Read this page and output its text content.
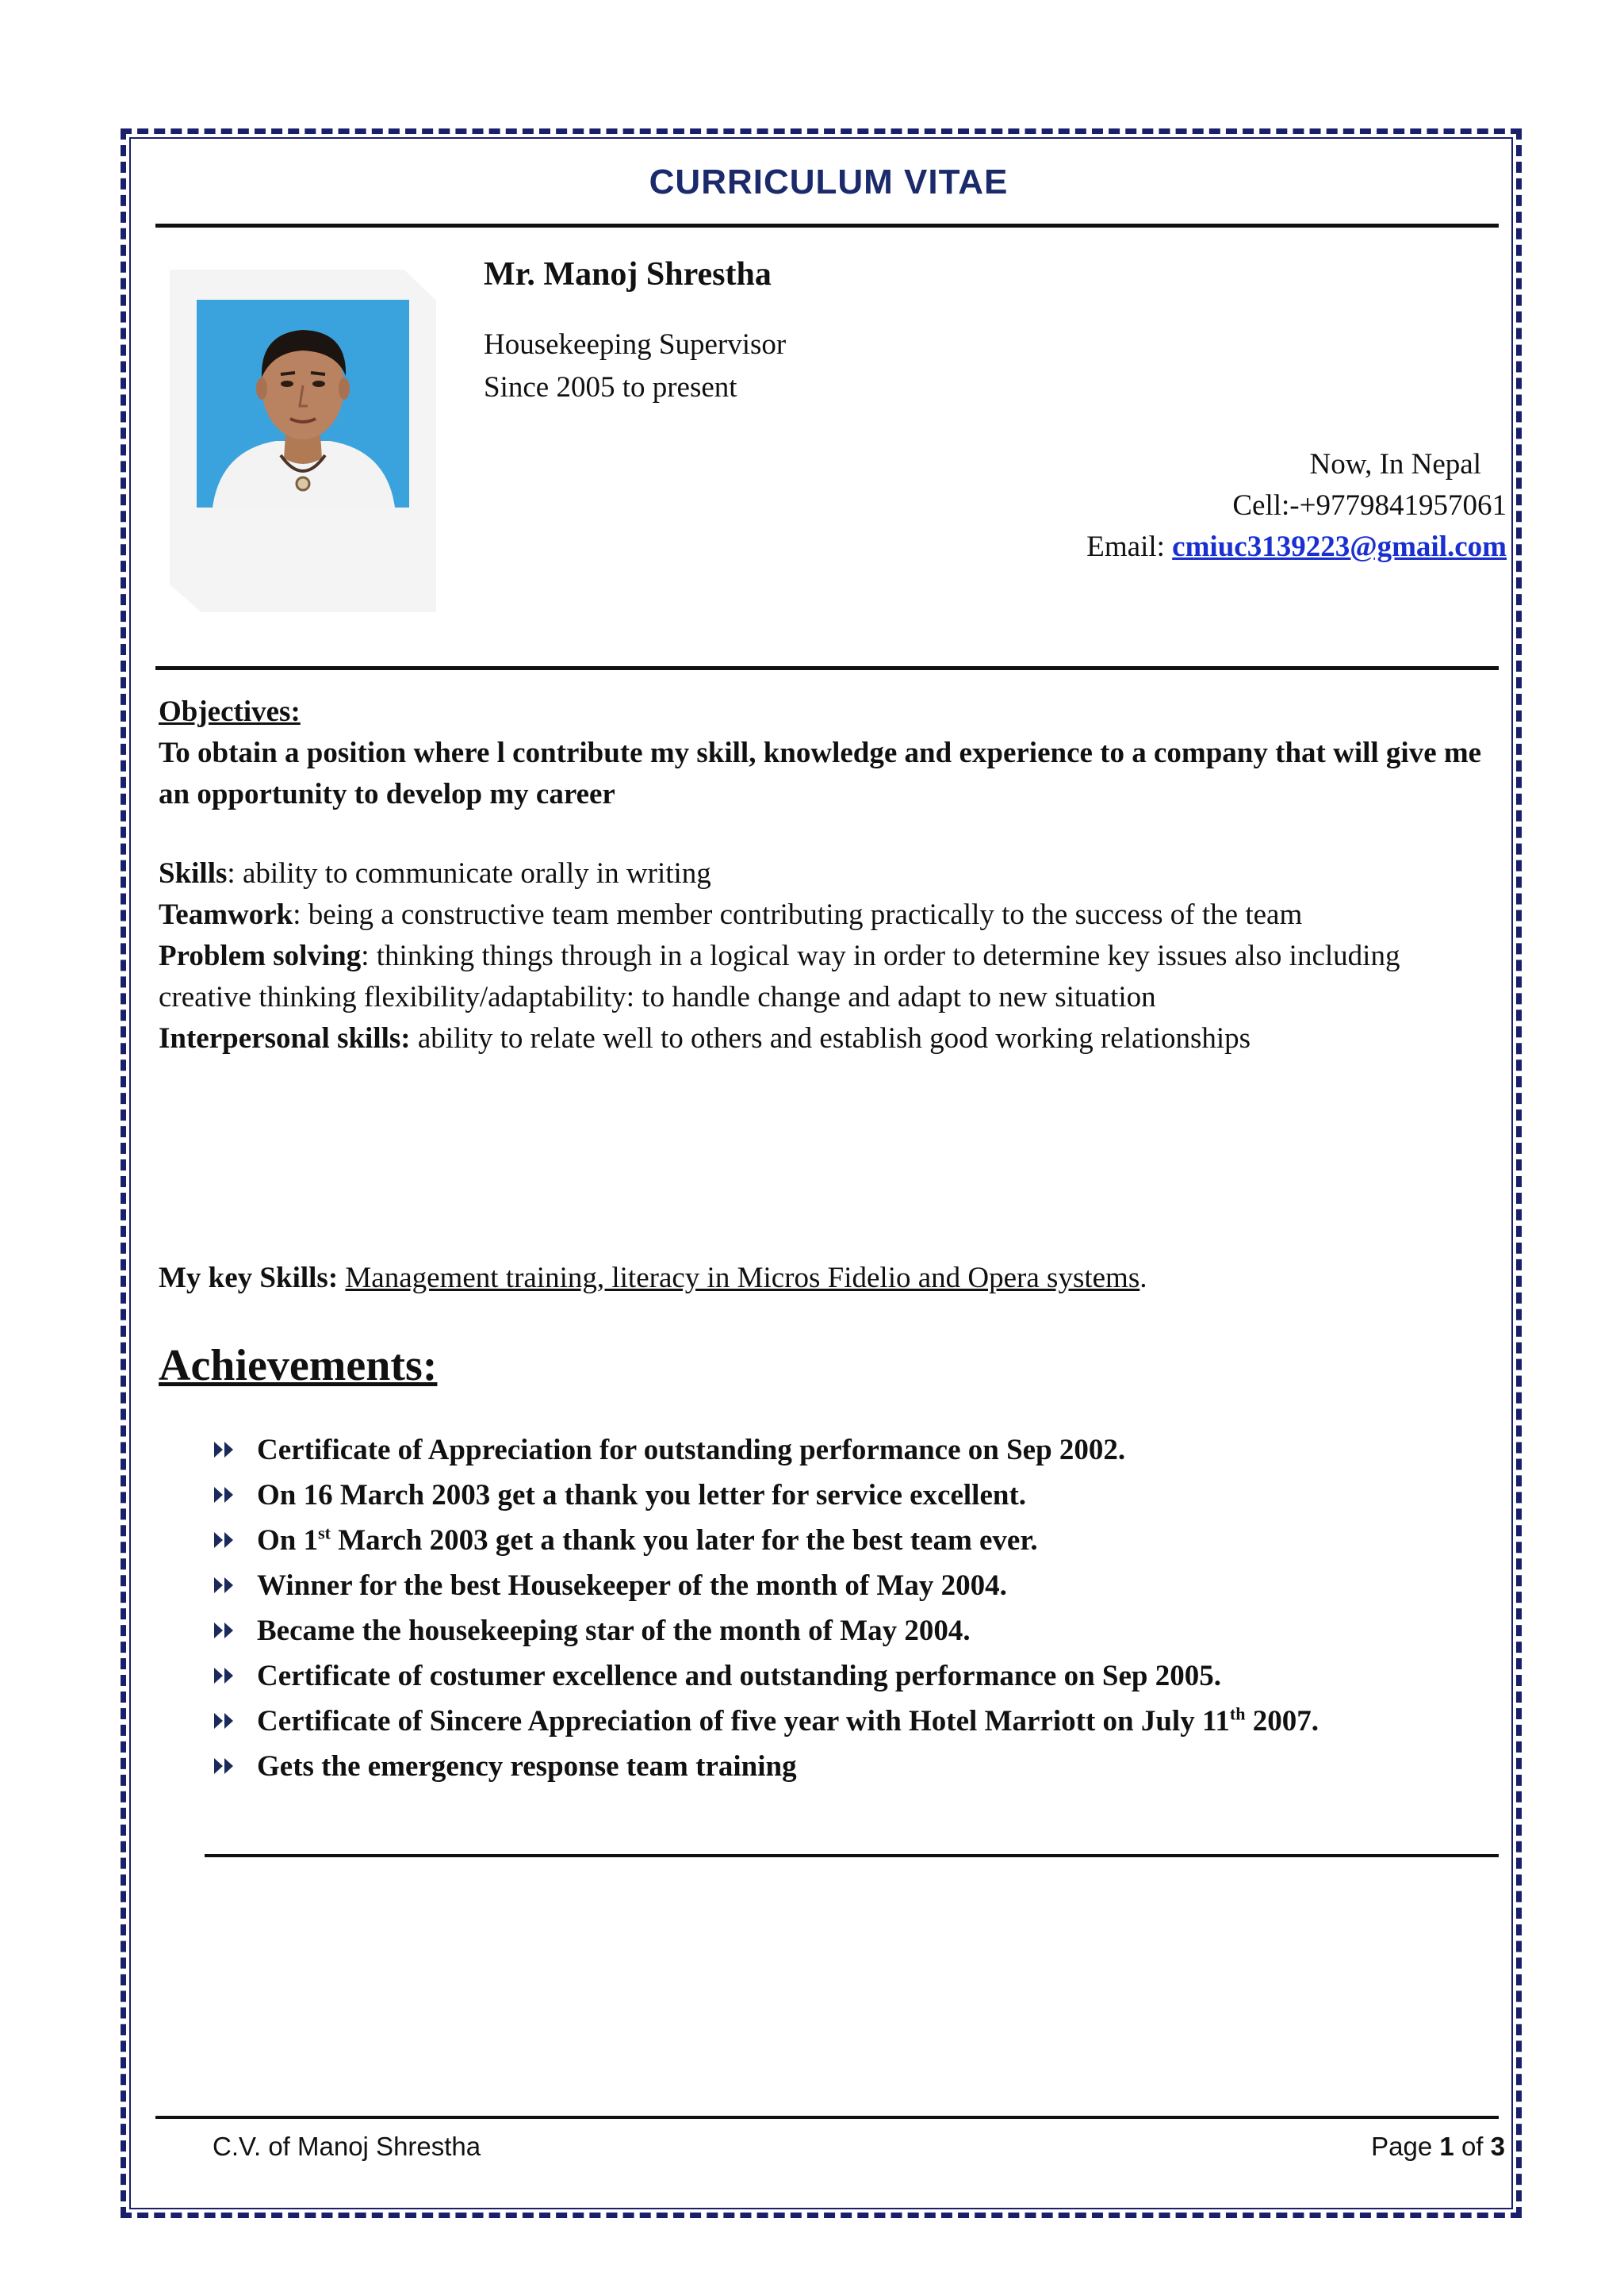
CURRICULUM VITAE
Mr. Manoj Shrestha
Housekeeping Supervisor
Since 2005 to present
Now, In Nepal
Cell:-+9779841957061
Email: cmiuc3139223@gmail.com
Objectives:
To obtain a position where l contribute my skill, knowledge and experience to a company that will give me an opportunity to develop my career
Skills: ability to communicate orally in writing
Teamwork: being a constructive team member contributing practically to the success of the team
Problem solving: thinking things through in a logical way in order to determine key issues also including creative thinking flexibility/adaptability: to handle change and adapt to new situation
Interpersonal skills: ability to relate well to others and establish good working relationships
My key Skills: Management training, literacy in Micros Fidelio and Opera systems.
Achievements:
Certificate of Appreciation for outstanding performance on Sep 2002.
On 16 March 2003 get a thank you letter for service excellent.
On 1st March 2003 get a thank you later for the best team ever.
Winner for the best Housekeeper of the month of May 2004.
Became the housekeeping star of the month of May 2004.
Certificate of costumer excellence and outstanding performance on Sep 2005.
Certificate of Sincere Appreciation of five year with Hotel Marriott on July 11th 2007.
Gets the emergency response team training
C.V. of Manoj Shrestha	Page 1 of 3
